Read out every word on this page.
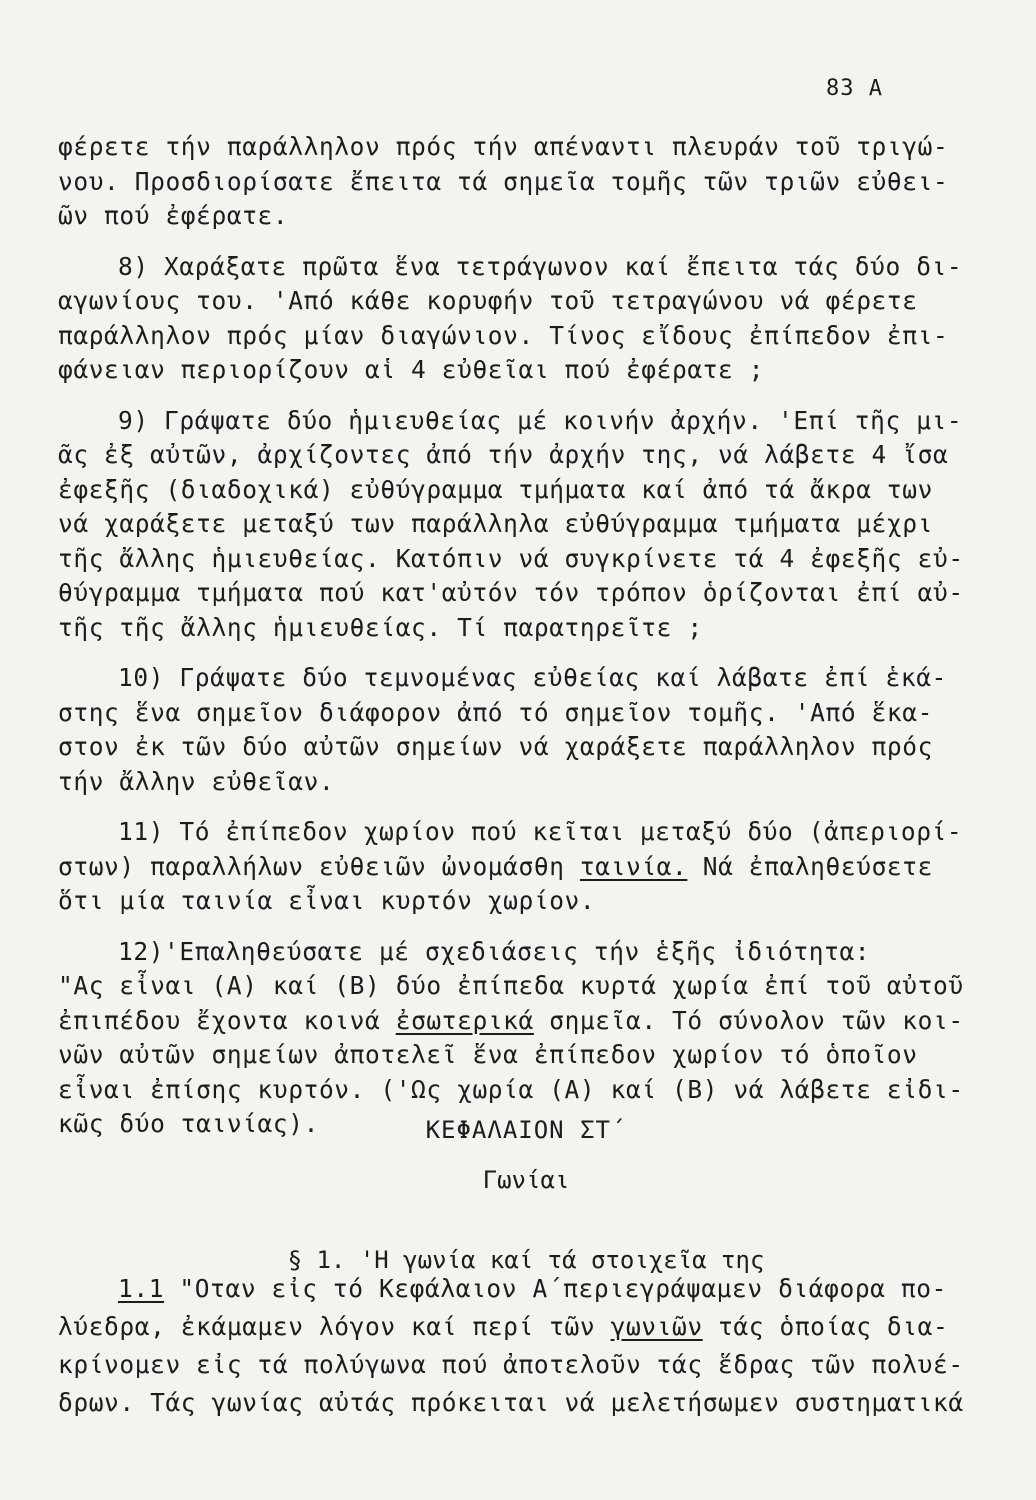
83 Α
φέρετε τήν παράλληλον πρός τήν απέναντι πλευράν τοῦ τριγώ-
νου. Προσδιορίσατε ἔπειτα τά σημεῖα τομῆς τῶν τριῶν εὐθει-
ῶν πού ἐφέρατε.
8) Χαράξατε πρῶτα ἕνα τετράγωνον καί ἔπειτα τάς δύο δι-
αγωνίους του. 'Από κάθε κορυφήν τοῦ τετραγώνου νά φέρετε
παράλληλον πρός μίαν διαγώνιον. Τίνος εἴδους ἐπίπεδον ἐπι-
φάνειαν περιορίζουν αἱ 4 εὐθεῖαι πού ἐφέρατε ;
9) Γράψατε δύο ἡμιευθείας μέ κοινήν ἀρχήν. 'Επί τῆς μι-
ᾶς ἐξ αὐτῶν, ἀρχίζοντες ἀπό τήν ἀρχήν της, νά λάβετε 4 ἴσα
ἐφεξῆς (διαδοχικά) εὐθύγραμμα τμήματα καί ἀπό τά ἄκρα των
νά χαράξετε μεταξύ των παράλληλα εὐθύγραμμα τμήματα μέχρι
τῆς ἄλλης ἡμιευθείας. Κατόπιν νά συγκρίνετε τά 4 ἐφεξῆς εὐ-
θύγραμμα τμήματα πού κατ'αὐτόν τόν τρόπον ὁρίζονται ἐπί αὐ-
τῆς τῆς ἄλλης ἡμιευθείας. Τί παρατηρεῖτε ;
10) Γράψατε δύο τεμνομένας εὐθείας καί λάβατε ἐπί ἑκά-
στης ἕνα σημεῖον διάφορον ἀπό τό σημεῖον τομῆς. 'Από ἕκα-
στον ἐκ τῶν δύο αὐτῶν σημείων νά χαράξετε παράλληλον πρός
τήν ἄλλην εὐθεῖαν.
11) Τό ἐπίπεδον χωρίον πού κεῖται μεταξύ δύο (ἀπεριορί-
στων) παραλλήλων εὐθειῶν ὠνομάσθη ταινία. Νά ἐπαληθεύσετε
ὅτι μία ταινία εἶναι κυρτόν χωρίον.
12)'Επαληθεύσατε μέ σχεδιάσεις τήν ἑξῆς ἰδιότητα:
"Ας εἶναι (Α) καί (Β) δύο ἐπίπεδα κυρτά χωρία ἐπί τοῦ αὐτοῦ
ἐπιπέδου ἔχοντα κοινά ἐσωτερικά σημεῖα. Τό σύνολον τῶν κοι-
νῶν αὐτῶν σημείων ἀποτελεῖ ἕνα ἐπίπεδον χωρίον τό ὁποῖον
εἶναι ἐπίσης κυρτόν. ('Ως χωρία (Α) καί (Β) νά λάβετε εἰδι-
κῶς δύο ταινίας).	ΚΕΦΑΛΑΙΟΝ ΣΤ΄
Γωνίαι
§ 1. 'Η γωνία καί τά στοιχεῖα της
1.1 "Οταν εἰς τό Κεφάλαιον Α΄περιεγράψαμεν διάφορα πο-
λύεδρα, ἐκάμαμεν λόγον καί περί τῶν γωνιῶν τάς ὁποίας δια-
κρίνομεν εἰς τά πολύγωνα πού ἀποτελοῦν τάς ἕδρας τῶν πολυέ-
δρων. Τάς γωνίας αὐτάς πρόκειται νά μελετήσωμεν συστηματικά
